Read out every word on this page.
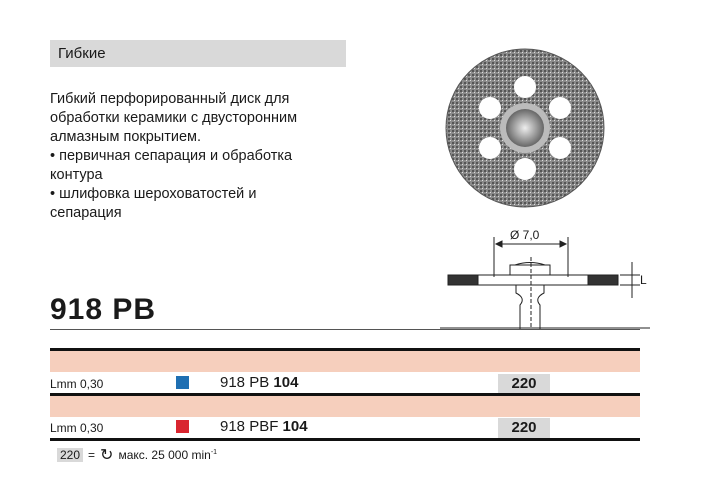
Гибкие
Гибкий перфорированный диск для
обработки керамики с двусторонним
алмазным покрытием.
• первичная сепарация и обработка
контура
• шлифовка шероховатостей и
сепарация
Ø 7,0
L
918 PB
Lmm 0,30	918 PB 104	220
Lmm 0,30	918 PBF 104	220
220 = ↻ макс. 25 000 $\min^{-1}$
